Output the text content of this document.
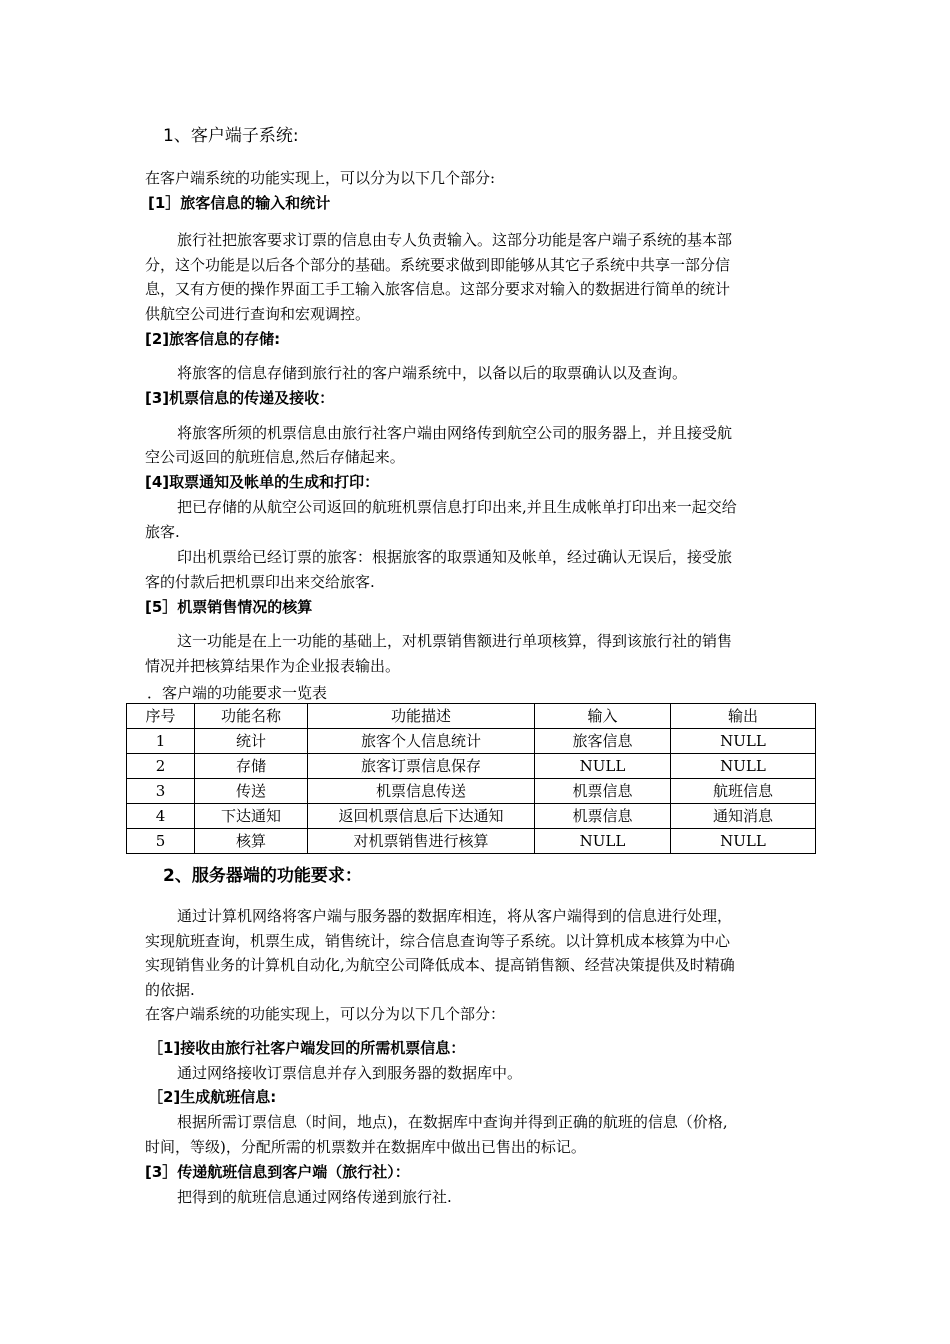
1、客户端子系统:
在客户端系统的功能实现上，可以分为以下几个部分:
[1］旅客信息的输入和统计
旅行社把旅客要求订票的信息由专人负责输入。这部分功能是客户端子系统的基本部
分，这个功能是以后各个部分的基础。系统要求做到即能够从其它子系统中共享一部分信
息，又有方便的操作界面工手工输入旅客信息。这部分要求对输入的数据进行简单的统计
供航空公司进行查询和宏观调控。
[2]旅客信息的存储:
将旅客的信息存储到旅行社的客户端系统中，以备以后的取票确认以及查询。
[3]机票信息的传递及接收：
将旅客所须的机票信息由旅行社客户端由网络传到航空公司的服务器上，并且接受航
空公司返回的航班信息,然后存储起来。
[4]取票通知及帐单的生成和打印：
把已存储的从航空公司返回的航班机票信息打印出来,并且生成帐单打印出来一起交给
旅客.
印出机票给已经订票的旅客：根据旅客的取票通知及帐单，经过确认无误后，接受旅
客的付款后把机票印出来交给旅客.
[5］机票销售情况的核算
这一功能是在上一功能的基础上，对机票销售额进行单项核算，得到该旅行社的销售
情况并把核算结果作为企业报表输出。
．客户端的功能要求一览表
序号	功能名称	功能描述	输入	输出
1	统计	旅客个人信息统计	旅客信息	NULL
2	存储	旅客订票信息保存	NULL	NULL
3	传送	机票信息传送	机票信息	航班信息
4	下达通知	返回机票信息后下达通知	机票信息	通知消息
5	核算	对机票销售进行核算	NULL	NULL
2、服务器端的功能要求：
通过计算机网络将客户端与服务器的数据库相连，将从客户端得到的信息进行处理，
实现航班查询，机票生成，销售统计，综合信息查询等子系统。以计算机成本核算为中心
实现销售业务的计算机自动化,为航空公司降低成本、提高销售额、经营决策提供及时精确
的依据.
在客户端系统的功能实现上，可以分为以下几个部分：
［1]接收由旅行社客户端发回的所需机票信息：
通过网络接收订票信息并存入到服务器的数据库中。
［2]生成航班信息:
根据所需订票信息（时间，地点)，在数据库中查询并得到正确的航班的信息（价格,
时间，等级)，分配所需的机票数并在数据库中做出已售出的标记。
[3］传递航班信息到客户端（旅行社）：
把得到的航班信息通过网络传递到旅行社.
